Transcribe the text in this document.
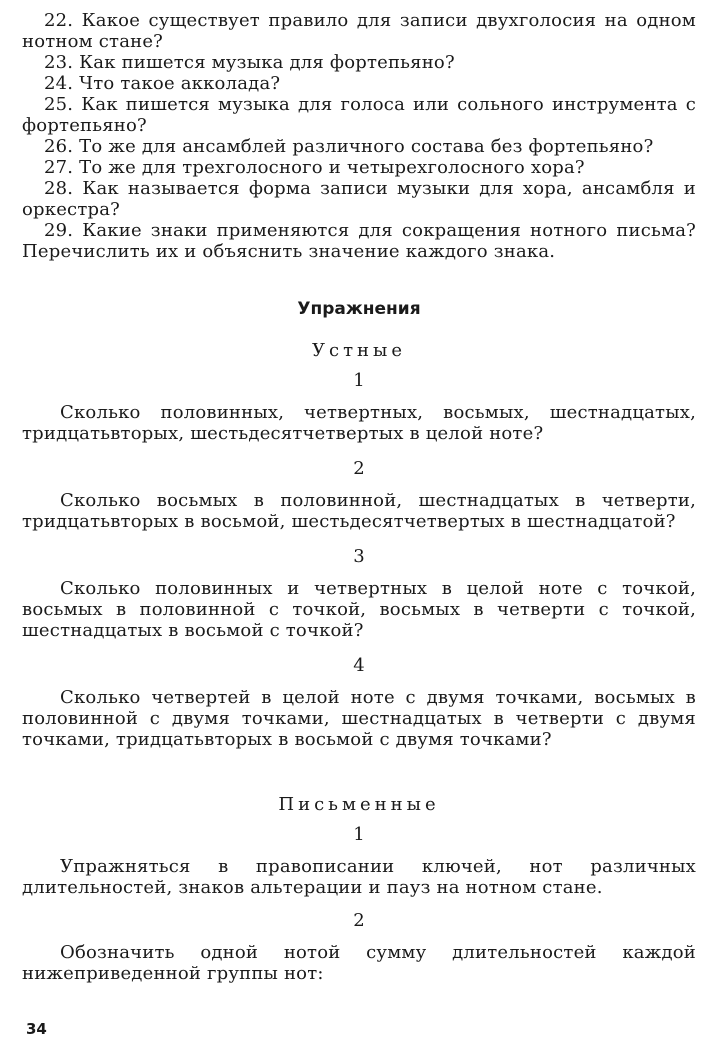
22. Какое существует правило для записи двухголосия на одном нотном стане?

23. Как пишется музыка для фортепьяно?

24. Что такое акколада?

25. Как пишется музыка для голоса или сольного инструмента с фортепьяно?

26. То же для ансамблей различного состава без фортепьяно?

27. То же для трехголосного и четырехголосного хора?

28. Как называется форма записи музыки для хора, ансамбля и оркестра?

29. Какие знаки применяются для сокращения нотного письма? Перечислить их и объяснить значение каждого знака.

Упражнения
Устные
1

Сколько половинных, четвертных, восьмых, шестнадцатых, тридцатьвторых, шестьдесятчетвертых в целой ноте?

2

Сколько восьмых в половинной, шестнадцатых в четверти, тридцатьвторых в восьмой, шестьдесятчетвертых в шестнадцатой?

3

Сколько половинных и четвертных в целой ноте с точкой, восьмых в половинной с точкой, восьмых в четверти с точкой, шестнадцатых в восьмой с точкой?

4

Сколько четвертей в целой ноте с двумя точками, восьмых в половинной с двумя точками, шестнадцатых в четверти с двумя точками, тридцатьвторых в восьмой с двумя точками?

Письменные
1

Упражняться в правописании ключей, нот различных длительностей, знаков альтерации и пауз на нотном стане.

2

Обозначить одной нотой сумму длительностей каждой нижеприведенной группы нот:

34
